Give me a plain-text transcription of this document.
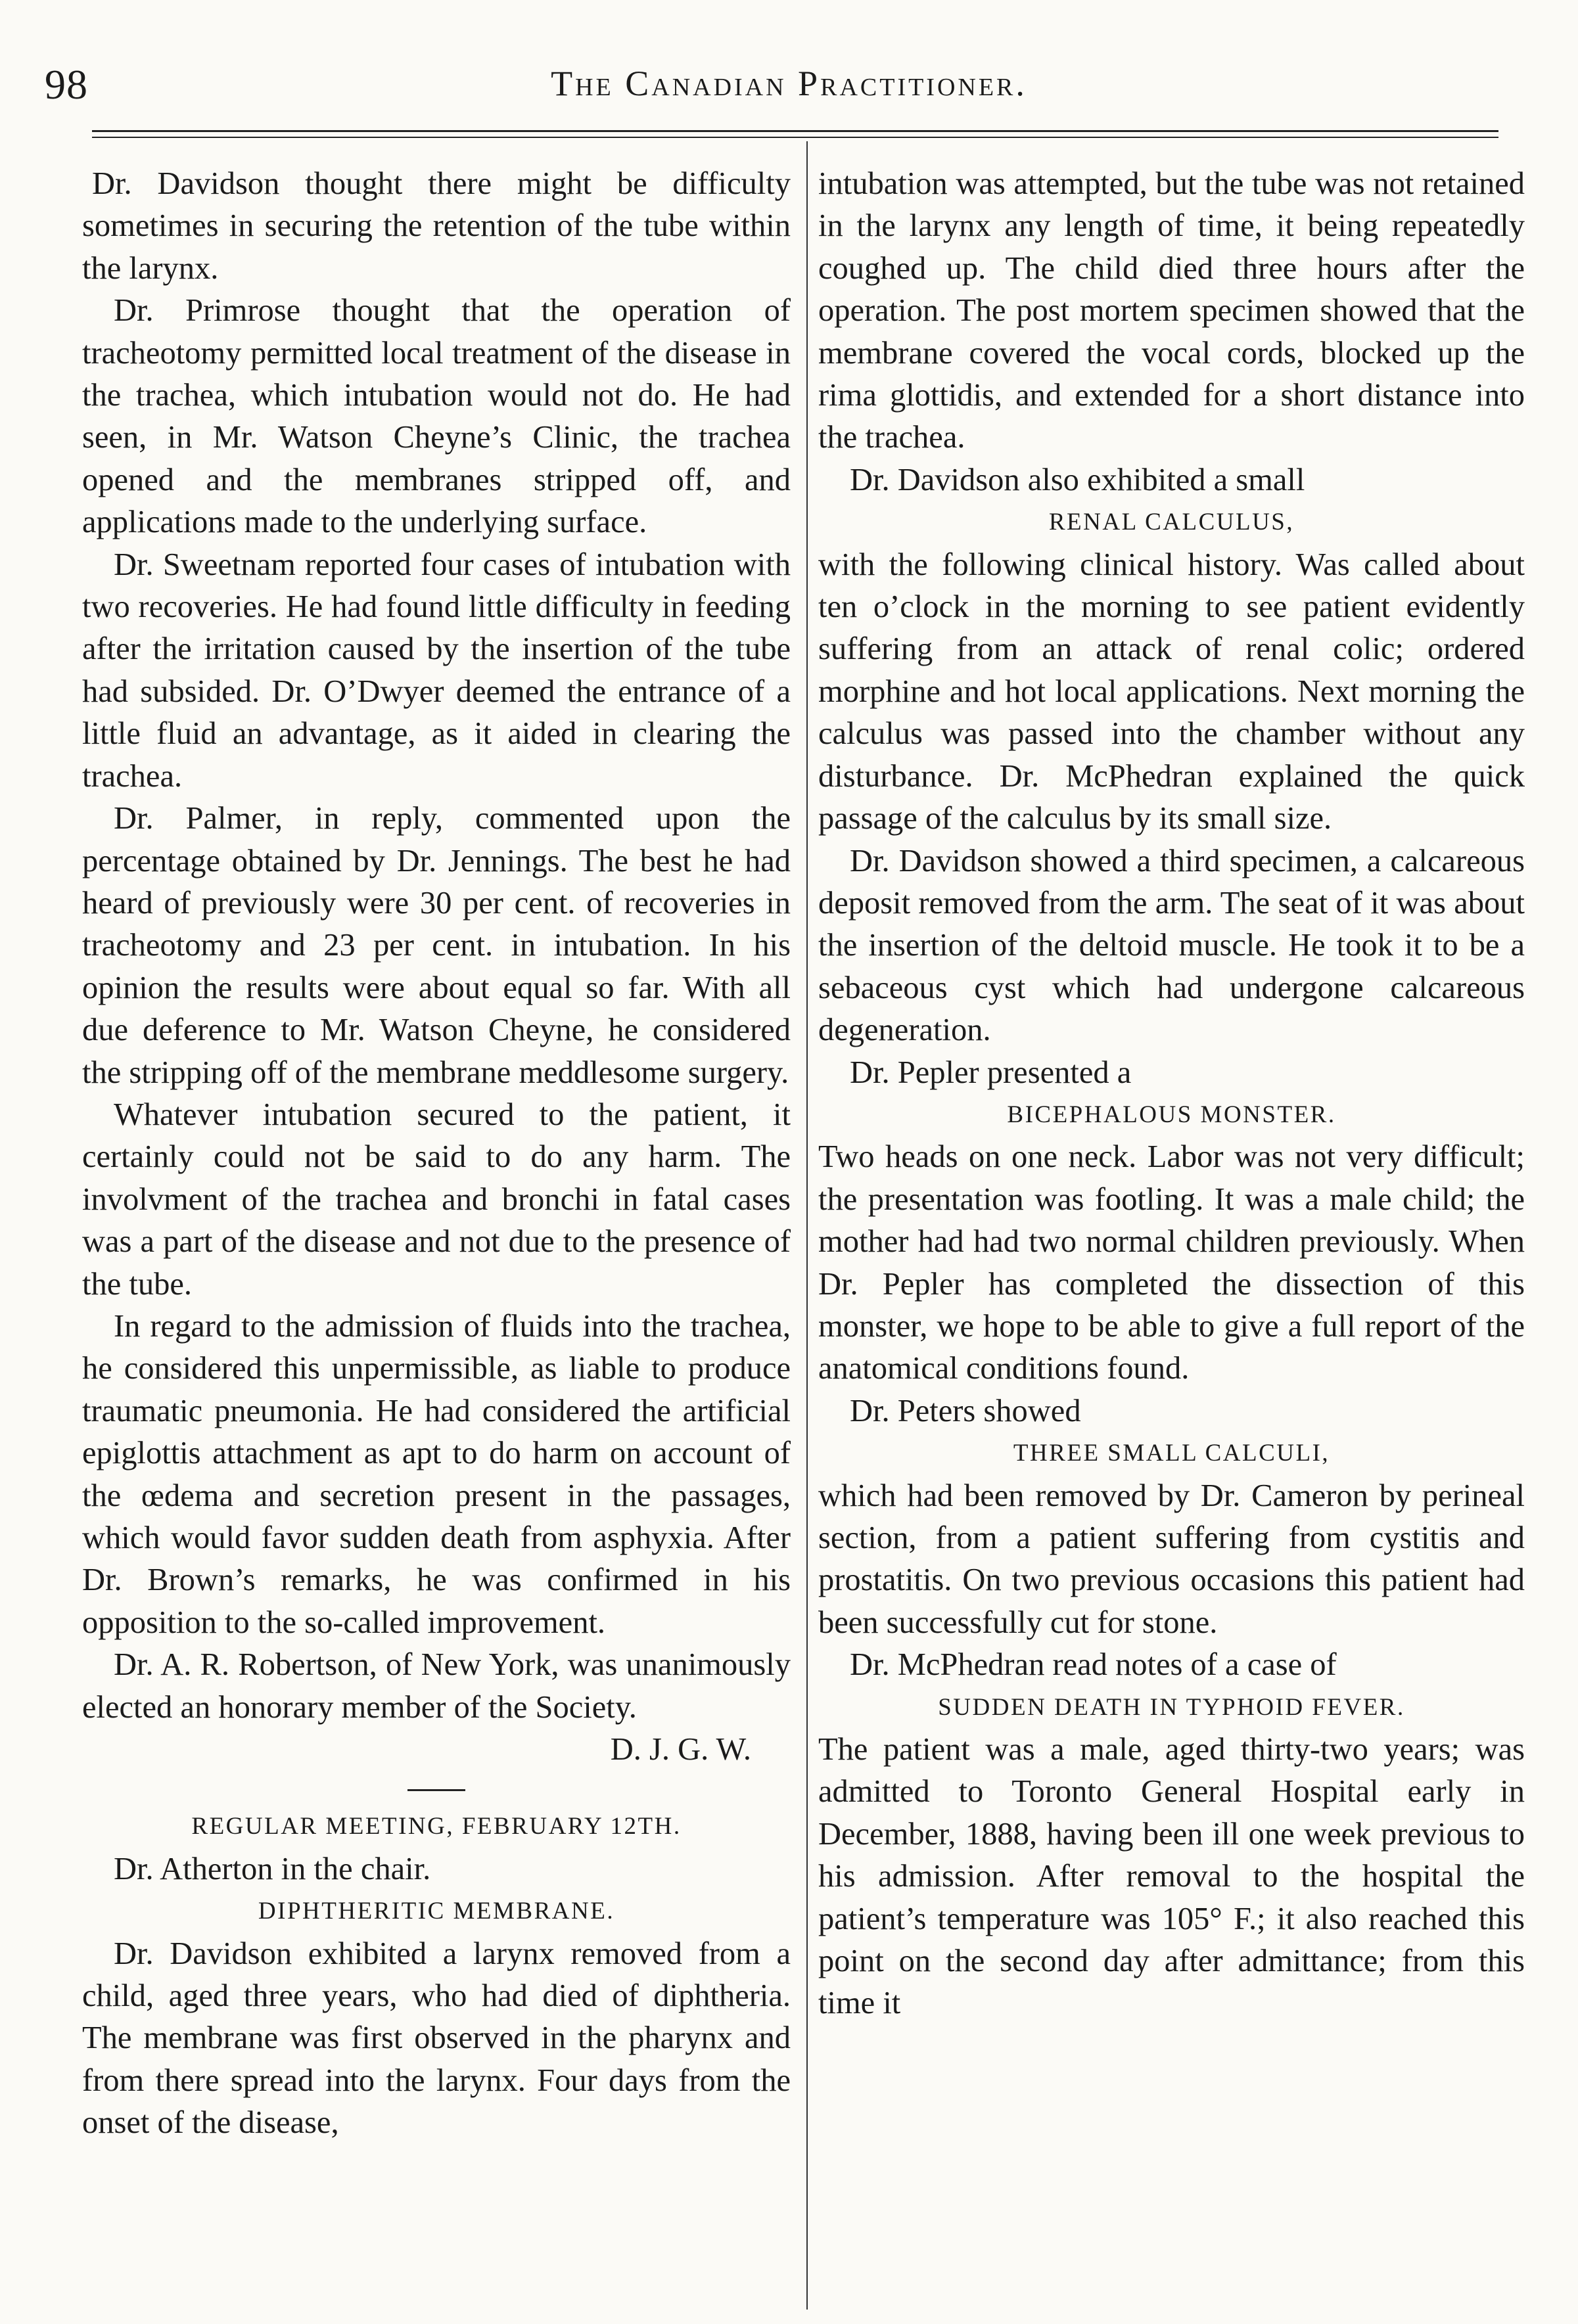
98	The Canadian Practitioner.

Dr. Davidson thought there might be difficulty sometimes in securing the retention of the tube within the larynx.

Dr. Primrose thought that the operation of tracheotomy permitted local treatment of the disease in the trachea, which intubation would not do. He had seen, in Mr. Watson Cheyne’s Clinic, the trachea opened and the membranes stripped off, and applications made to the underlying surface.

Dr. Sweetnam reported four cases of intubation with two recoveries. He had found little difficulty in feeding after the irritation caused by the insertion of the tube had subsided. Dr. O’Dwyer deemed the entrance of a little fluid an advantage, as it aided in clearing the trachea.

Dr. Palmer, in reply, commented upon the percentage obtained by Dr. Jennings. The best he had heard of previously were 30 per cent. of recoveries in tracheotomy and 23 per cent. in intubation. In his opinion the results were about equal so far. With all due deference to Mr. Watson Cheyne, he considered the stripping off of the membrane meddlesome surgery.

Whatever intubation secured to the patient, it certainly could not be said to do any harm. The involvment of the trachea and bronchi in fatal cases was a part of the disease and not due to the presence of the tube.

In regard to the admission of fluids into the trachea, he considered this unpermissible, as liable to produce traumatic pneumonia. He had considered the artificial epiglottis attachment as apt to do harm on account of the œdema and secretion present in the passages, which would favor sudden death from asphyxia. After Dr. Brown’s remarks, he was confirmed in his opposition to the so-called improvement.

Dr. A. R. Robertson, of New York, was unanimously elected an honorary member of the Society.

D. J. G. W.

REGULAR MEETING, FEBRUARY 12TH.

Dr. Atherton in the chair.

DIPHTHERITIC MEMBRANE.

Dr. Davidson exhibited a larynx removed from a child, aged three years, who had died of diphtheria. The membrane was first observed in the pharynx and from there spread into the larynx. Four days from the onset of the disease,

intubation was attempted, but the tube was not retained in the larynx any length of time, it being repeatedly coughed up. The child died three hours after the operation. The post mortem specimen showed that the membrane covered the vocal cords, blocked up the rima glottidis, and extended for a short distance into the trachea.

Dr. Davidson also exhibited a small

RENAL CALCULUS,

with the following clinical history. Was called about ten o’clock in the morning to see patient evidently suffering from an attack of renal colic; ordered morphine and hot local applications. Next morning the calculus was passed into the chamber without any disturbance. Dr. McPhedran explained the quick passage of the calculus by its small size.

Dr. Davidson showed a third specimen, a calcareous deposit removed from the arm. The seat of it was about the insertion of the deltoid muscle. He took it to be a sebaceous cyst which had undergone calcareous degeneration.

Dr. Pepler presented a

BICEPHALOUS MONSTER.

Two heads on one neck. Labor was not very difficult; the presentation was footling. It was a male child; the mother had had two normal children previously. When Dr. Pepler has completed the dissection of this monster, we hope to be able to give a full report of the anatomical conditions found.

Dr. Peters showed

THREE SMALL CALCULI,

which had been removed by Dr. Cameron by perineal section, from a patient suffering from cystitis and prostatitis. On two previous occasions this patient had been successfully cut for stone.

Dr. McPhedran read notes of a case of

SUDDEN DEATH IN TYPHOID FEVER.

The patient was a male, aged thirty-two years; was admitted to Toronto General Hospital early in December, 1888, having been ill one week previous to his admission. After removal to the hospital the patient’s temperature was 105° F.; it also reached this point on the second day after admittance; from this time it
